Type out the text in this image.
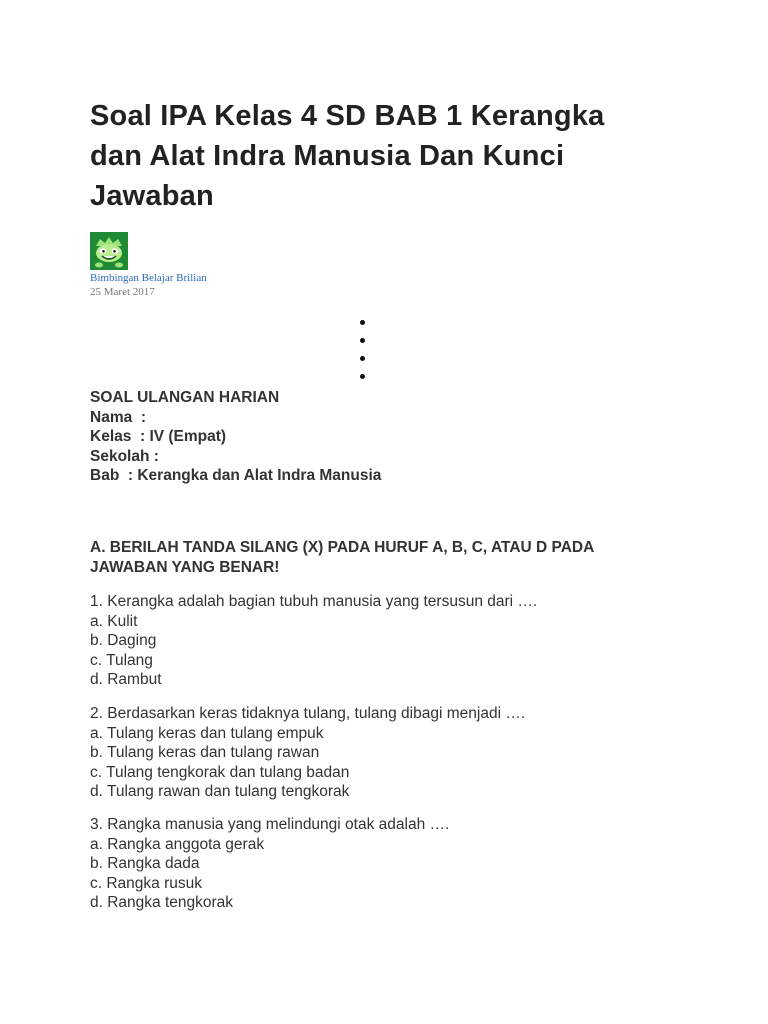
Soal IPA Kelas 4 SD BAB 1 Kerangka dan Alat Indra Manusia Dan Kunci Jawaban
Bimbingan Belajar Brilian
25 Maret 2017
SOAL ULANGAN HARIAN
Nama  :
Kelas  : IV (Empat)
Sekolah :
Bab  : Kerangka dan Alat Indra Manusia
A. BERILAH TANDA SILANG (X) PADA HURUF A, B, C, ATAU D PADA JAWABAN YANG BENAR!
1. Kerangka adalah bagian tubuh manusia yang tersusun dari ….
a. Kulit
b. Daging
c. Tulang
d. Rambut
2. Berdasarkan keras tidaknya tulang, tulang dibagi menjadi ….
a. Tulang keras dan tulang empuk
b. Tulang keras dan tulang rawan
c. Tulang tengkorak dan tulang badan
d. Tulang rawan dan tulang tengkorak
3. Rangka manusia yang melindungi otak adalah ….
a. Rangka anggota gerak
b. Rangka dada
c. Rangka rusuk
d. Rangka tengkorak
